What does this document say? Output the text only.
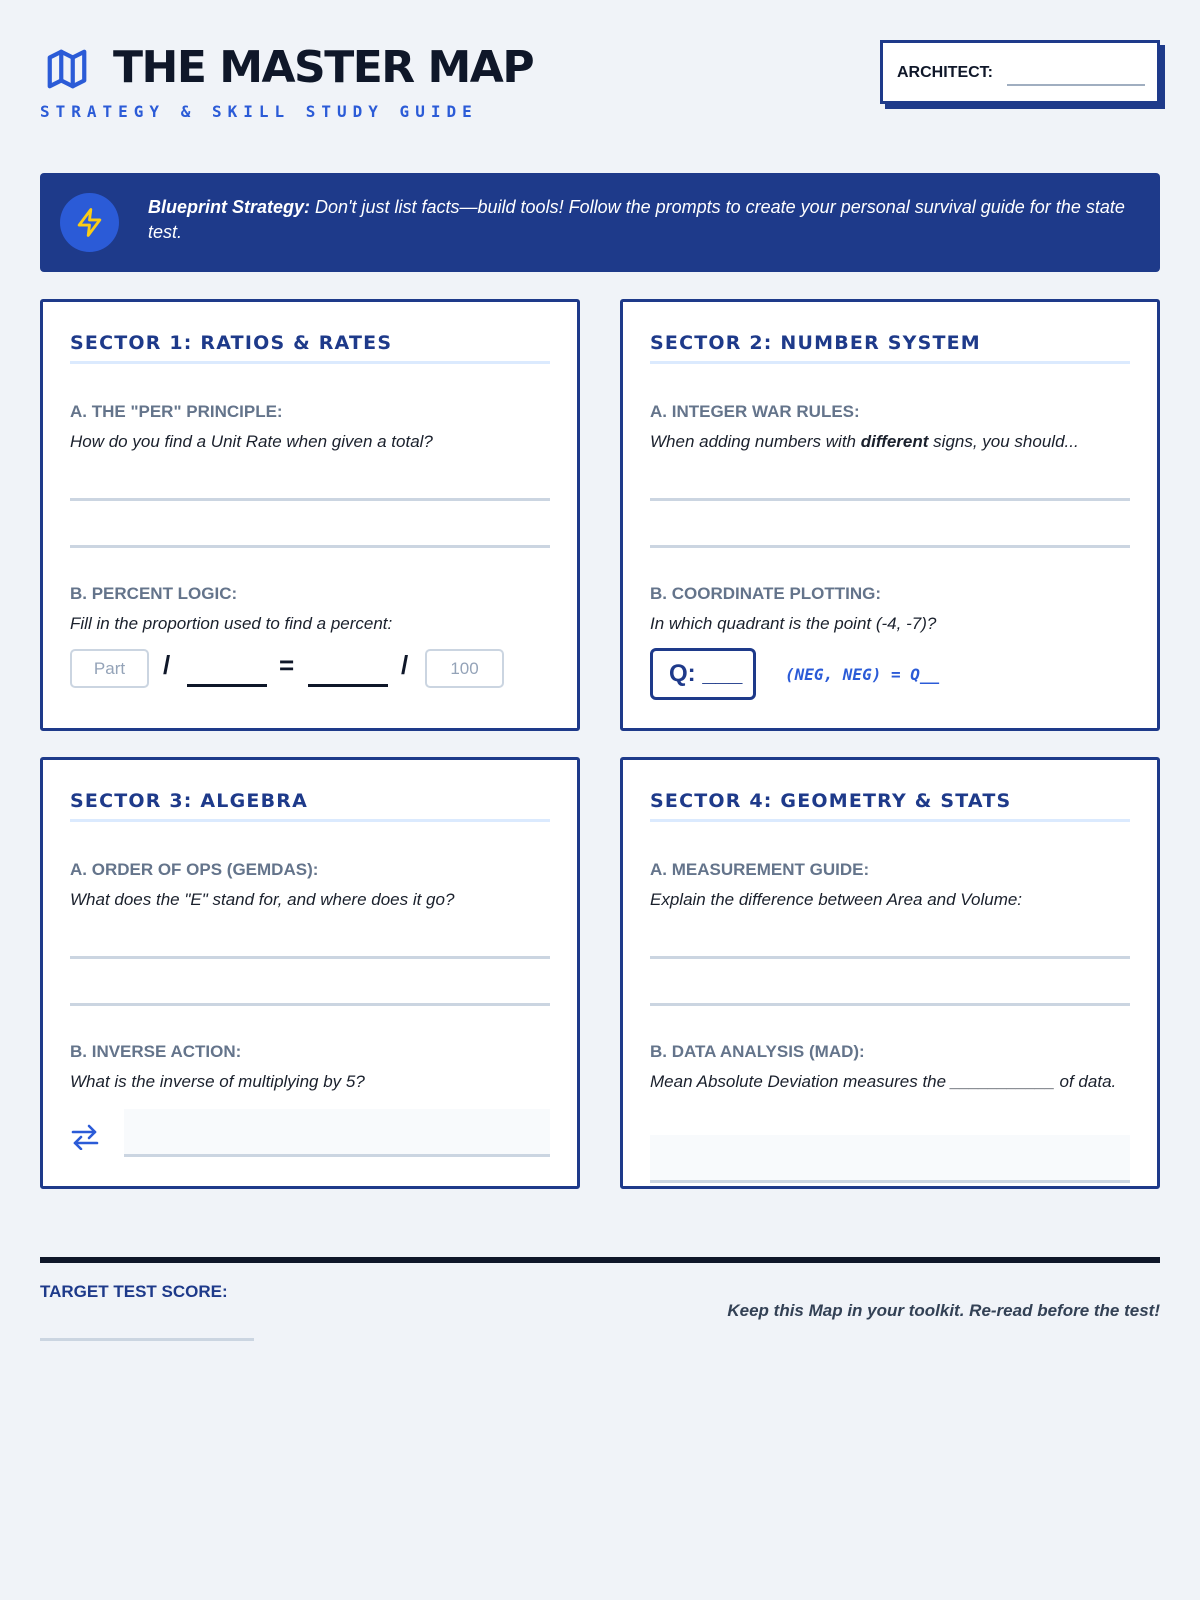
THE MASTER MAP
STRATEGY & SKILL STUDY GUIDE
ARCHITECT:
Blueprint Strategy: Don't just list facts—build tools! Follow the prompts to create your personal survival guide for the state test.
SECTOR 1: RATIOS & RATES
A. THE "PER" PRINCIPLE:
How do you find a Unit Rate when given a total?
B. PERCENT LOGIC:
Fill in the proportion used to find a percent:
Part	/	=	/	100
SECTOR 2: NUMBER SYSTEM
A. INTEGER WAR RULES:
When adding numbers with different signs, you should...
B. COORDINATE PLOTTING:
In which quadrant is the point (-4, -7)?
Q: ___	(NEG, NEG) = Q__
SECTOR 3: ALGEBRA
A. ORDER OF OPS (GEMDAS):
What does the "E" stand for, and where does it go?
B. INVERSE ACTION:
What is the inverse of multiplying by 5?
SECTOR 4: GEOMETRY & STATS
A. MEASUREMENT GUIDE:
Explain the difference between Area and Volume:
B. DATA ANALYSIS (MAD):
Mean Absolute Deviation measures the ___________ of data.
TARGET TEST SCORE:
Keep this Map in your toolkit. Re-read before the test!
